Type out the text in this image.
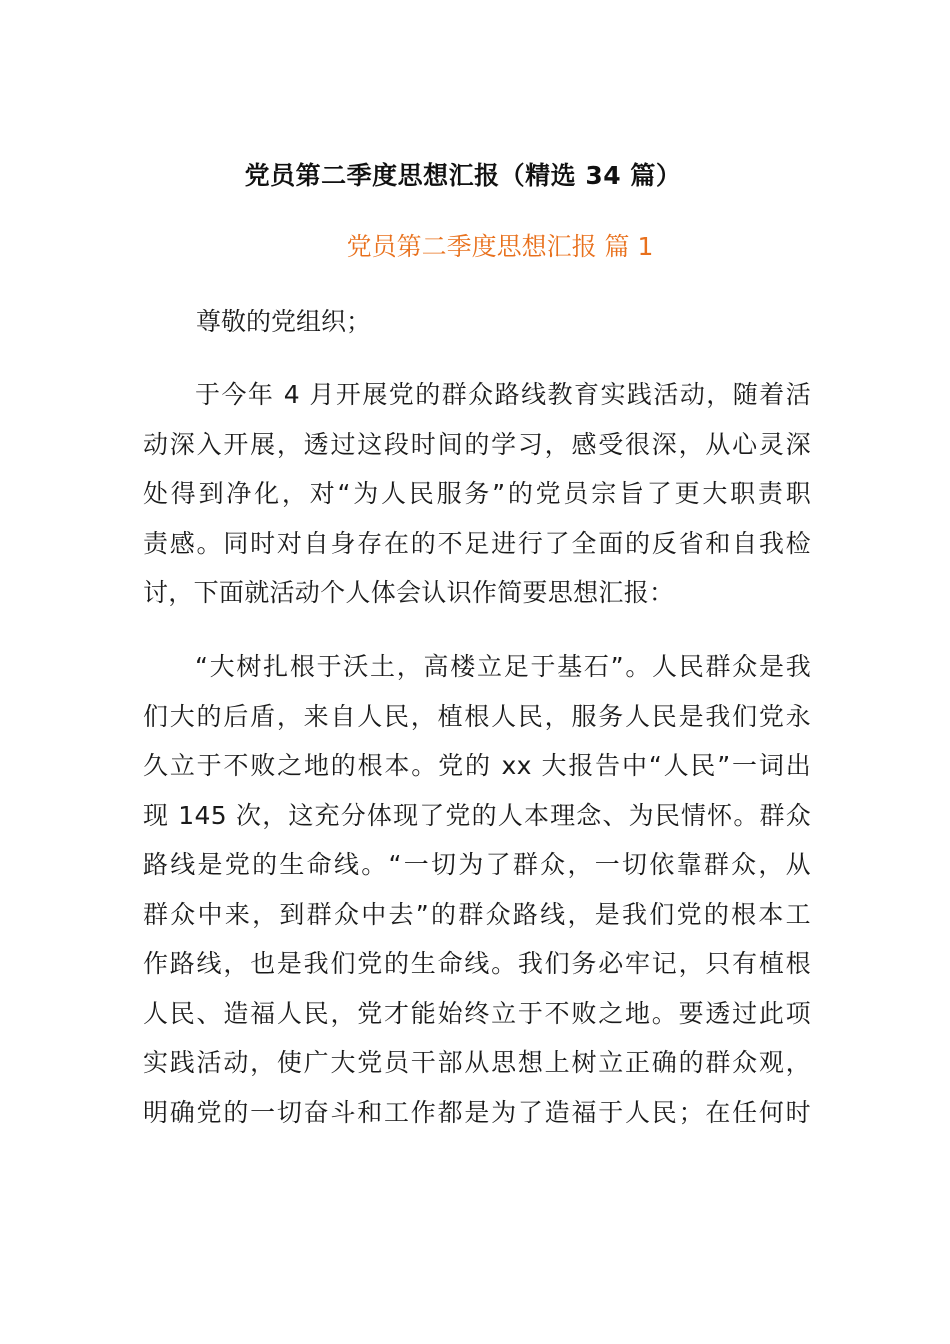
党员第二季度思想汇报（精选 34 篇）
党员第二季度思想汇报 篇 1

尊敬的党组织；

于今年 4 月开展党的群众路线教育实践活动，随着活
动深入开展，透过这段时间的学习，感受很深，从心灵深
处得到净化，对“为人民服务”的党员宗旨了更大职责职
责感。同时对自身存在的不足进行了全面的反省和自我检
讨，下面就活动个人体会认识作简要思想汇报：
“大树扎根于沃土，高楼立足于基石”。人民群众是我
们大的后盾，来自人民，植根人民，服务人民是我们党永
久立于不败之地的根本。党的 xx 大报告中“人民”一词出
现 145 次，这充分体现了党的人本理念、为民情怀。群众
路线是党的生命线。“一切为了群众，一切依靠群众，从
群众中来，到群众中去”的群众路线，是我们党的根本工
作路线，也是我们党的生命线。我们务必牢记，只有植根
人民、造福人民，党才能始终立于不败之地。要透过此项
实践活动，使广大党员干部从思想上树立正确的群众观，
明确党的一切奋斗和工作都是为了造福于人民；在任何时
